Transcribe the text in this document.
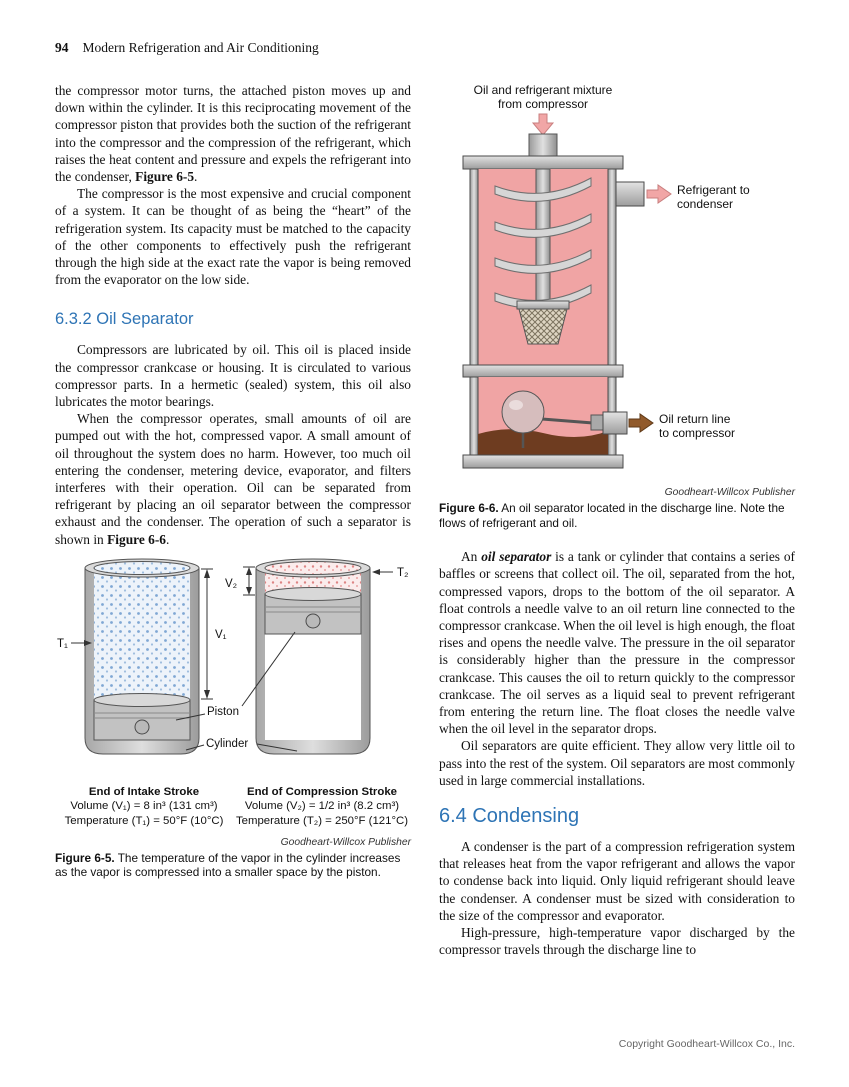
94 Modern Refrigeration and Air Conditioning

the compressor motor turns, the attached piston moves up and down within the cylinder. It is this reciprocating movement of the compressor piston that provides both the suction of the refrigerant into the compressor and the compression of the refrigerant, which raises the heat content and pressure and expels the refrigerant into the condenser, Figure 6-5.

The compressor is the most expensive and crucial component of a system. It can be thought of as being the “heart” of the refrigeration system. Its capacity must be matched to the capacity of the other components to effectively push the refrigerant through the high side at the exact rate the vapor is being removed from the evaporator on the low side.

6.3.2 Oil Separator

Compressors are lubricated by oil. This oil is placed inside the compressor crankcase or housing. It is circulated to various compressor parts. In a hermetic (sealed) system, this oil also lubricates the motor bearings.

When the compressor operates, small amounts of oil are pumped out with the hot, compressed vapor. A small amount of oil throughout the system does no harm. However, too much oil entering the condenser, metering device, evaporator, and filters interferes with their operation. Oil can be separated from refrigerant by placing an oil separator between the compressor exhaust and the condenser. The operation of such a separator is shown in Figure 6-6.

T₁
V₁
V₂
T₂
Piston
Cylinder
End of Intake Stroke
Volume (V₁) = 8 in³ (131 cm³)
Temperature (T₁) = 50°F (10°C)
End of Compression Stroke
Volume (V₂) = 1/2 in³ (8.2 cm³)
Temperature (T₂) = 250°F (121°C)
Goodheart-Willcox Publisher
Figure 6-5. The temperature of the vapor in the cylinder increases as the vapor is compressed into a smaller space by the piston.
Oil and refrigerant mixture
from compressor
Refrigerant to
condenser
Oil return line
to compressor
Goodheart-Willcox Publisher
Figure 6-6. An oil separator located in the discharge line. Note the flows of refrigerant and oil.

An oil separator is a tank or cylinder that contains a series of baffles or screens that collect oil. The oil, separated from the hot, compressed vapors, drops to the bottom of the oil separator. A float controls a needle valve to an oil return line connected to the compressor crankcase. When the oil level is high enough, the float rises and opens the needle valve. The pressure in the oil separator is considerably higher than the pressure in the compressor crankcase. This causes the oil to return quickly to the compressor crankcase. The oil serves as a liquid seal to prevent refrigerant from entering the return line. The float closes the needle valve when the oil level in the separator drops.

Oil separators are quite efficient. They allow very little oil to pass into the rest of the system. Oil separators are most commonly used in large commercial installations.

6.4 Condensing

A condenser is the part of a compression refrigeration system that releases heat from the vapor refrigerant and allows the vapor to condense back into liquid. Only liquid refrigerant should leave the condenser. A condenser must be sized with consideration to the size of the compressor and evaporator.

High-pressure, high-temperature vapor discharged by the compressor travels through the discharge line to

Copyright Goodheart-Willcox Co., Inc.
